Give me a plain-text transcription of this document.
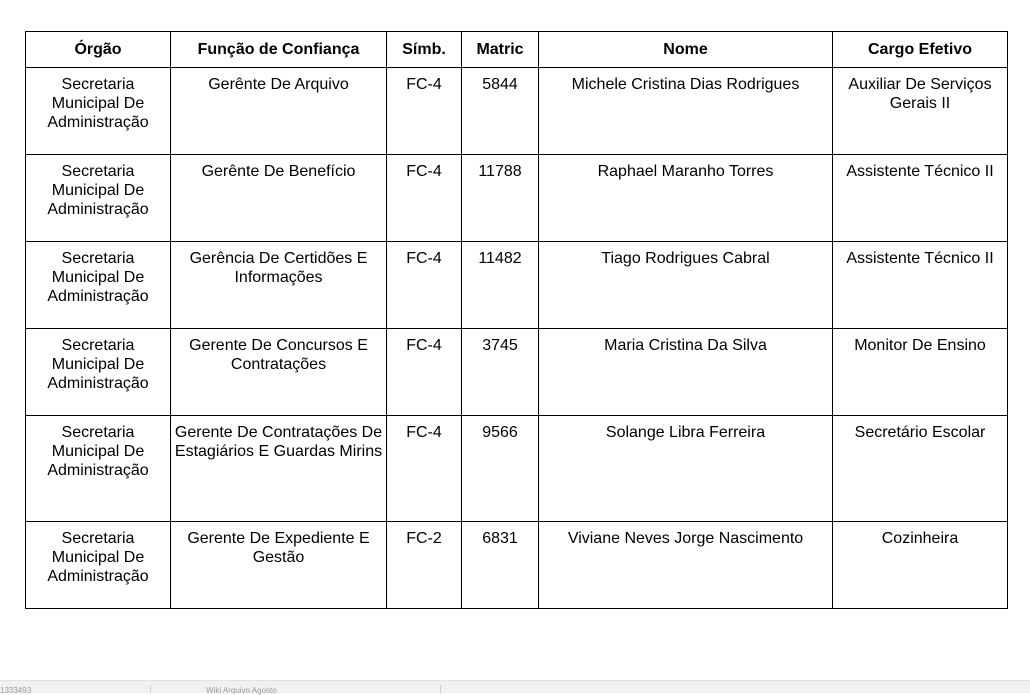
Órgão	Função de Confiança	Símb.	Matric	Nome	Cargo Efetivo
Secretaria Municipal De Administração	Gerênte De Arquivo	FC-4	5844	Michele Cristina Dias Rodrigues	Auxiliar De Serviços Gerais II
Secretaria Municipal De Administração	Gerênte De Benefício	FC-4	11788	Raphael Maranho Torres	Assistente Técnico II
Secretaria Municipal De Administração	Gerência De Certidões E Informações	FC-4	11482	Tiago Rodrigues Cabral	Assistente Técnico II
Secretaria Municipal De Administração	Gerente De Concursos E Contratações	FC-4	3745	Maria Cristina Da Silva	Monitor De Ensino
Secretaria Municipal De Administração	Gerente De Contratações De Estagiários E Guardas Mirins	FC-4	9566	Solange Libra Ferreira	Secretário Escolar
Secretaria Municipal De Administração	Gerente De Expediente E Gestão	FC-2	6831	Viviane Neves Jorge Nascimento	Cozinheira
1333493	Wiki Arquivo Agosto
